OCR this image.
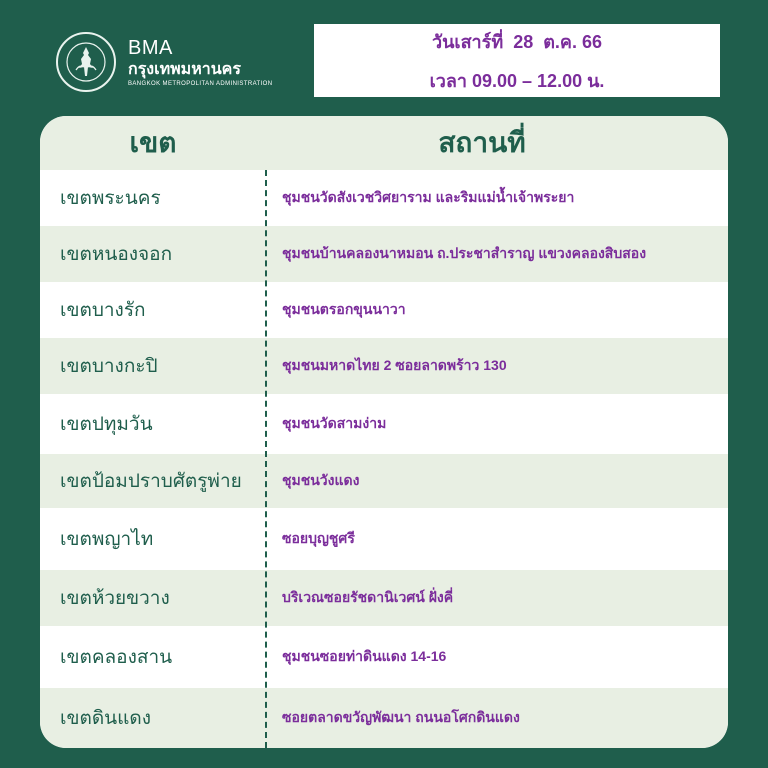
BMA
กรุงเทพมหานคร
BANGKOK METROPOLITAN ADMINISTRATION
วันเสาร์ที่  28  ต.ค. 66
เวลา 09.00 – 12.00 น.
เขต	สถานที่
เขตพระนคร	ชุมชนวัดสังเวชวิศยาราม และริมแม่น้ำเจ้าพระยา
เขตหนองจอก	ชุมชนบ้านคลองนาหมอน ถ.ประชาสำราญ แขวงคลองสิบสอง
เขตบางรัก	ชุมชนตรอกขุนนาวา
เขตบางกะปิ	ชุมชนมหาดไทย 2 ซอยลาดพร้าว 130
เขตปทุมวัน	ชุมชนวัดสามง่าม
เขตป้อมปราบศัตรูพ่าย	ชุมชนวังแดง
เขตพญาไท	ซอยบุญชูศรี
เขตห้วยขวาง	บริเวณซอยรัชดานิเวศน์ ฝั่งคี่
เขตคลองสาน	ชุมชนซอยท่าดินแดง 14-16
เขตดินแดง	ซอยตลาดขวัญพัฒนา ถนนอโศกดินแดง
